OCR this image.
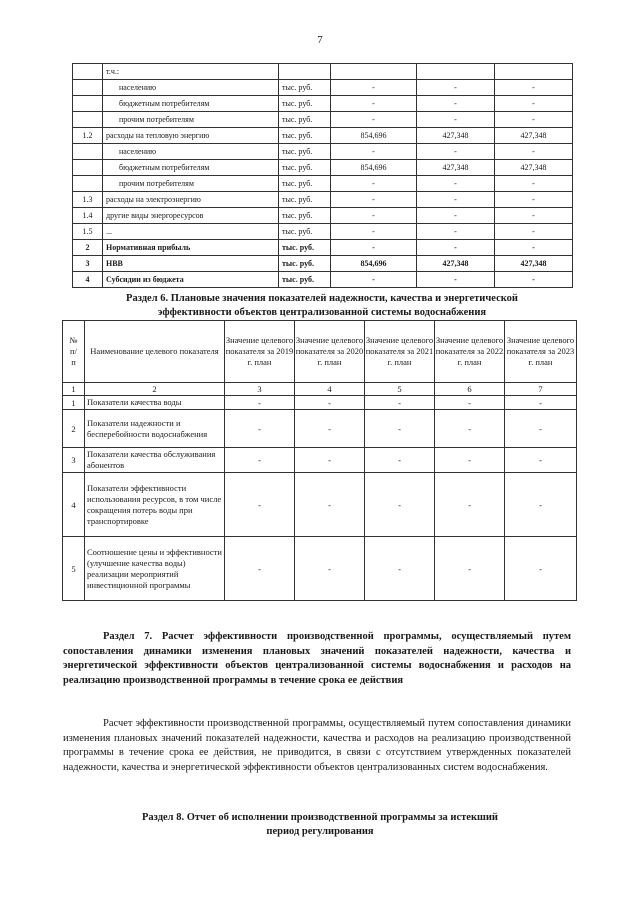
7
	т.ч.:				
	населению	тыс. руб.	-	-	-
	бюджетным потребителям	тыс. руб.	-	-	-
	прочим потребителям	тыс. руб.	-	-	-
1.2	расходы на тепловую энергию	тыс. руб.	854,696	427,348	427,348
	населению	тыс. руб.	-	-	-
	бюджетным потребителям	тыс. руб.	854,696	427,348	427,348
	прочим потребителям	тыс. руб.	-	-	-
1.3	расходы на электроэнергию	тыс. руб.	-	-	-
1.4	другие виды энергоресурсов	тыс. руб.	-	-	-
1.5	...	тыс. руб.	-	-	-
2	Нормативная прибыль	тыс. руб.	-	-	-
3	НВВ	тыс. руб.	854,696	427,348	427,348
4	Субсидии из бюджета	тыс. руб.	-	-	-
Раздел 6. Плановые значения показателей надежности, качества и энергетической
эффективности объектов централизованной системы водоснабжения
№
п/
п	Наименование целевого показателя	Значение целевого показателя за 2019 г. план	Значение целевого показателя за 2020 г. план	Значение целевого показателя за 2021 г. план	Значение целевого показателя за 2022 г. план	Значение целевого показателя за 2023 г. план
1	2	3	4	5	6	7
1	Показатели качества воды	-	-	-	-	-
2	Показатели надежности и бесперебойности водоснабжения	-	-	-	-	-
3	Показатели качества обслуживания абонентов	-	-	-	-	-
4	Показатели эффективности использования ресурсов, в том числе сокращения потерь воды при транспортировке	-	-	-	-	-
5	Соотношение цены и эффективности (улучшение качества воды) реализации мероприятий инвестиционной программы	-	-	-	-	-
Раздел 7. Расчет эффективности производственной программы, осуществляемый путем сопоставления динамики изменения плановых значений показателей надежности, качества и энергетической эффективности объектов централизованной системы водоснабжения и расходов на реализацию производственной программы в течение срока ее действия
Расчет эффективности производственной программы, осуществляемый путем сопоставления динамики изменения плановых значений показателей надежности, качества и расходов на реализацию производственной программы в течение срока ее действия, не приводится, в связи с отсутствием утвержденных показателей надежности, качества и энергетической эффективности объектов централизованных систем водоснабжения.
Раздел 8. Отчет об исполнении производственной программы за истекший
период регулирования
